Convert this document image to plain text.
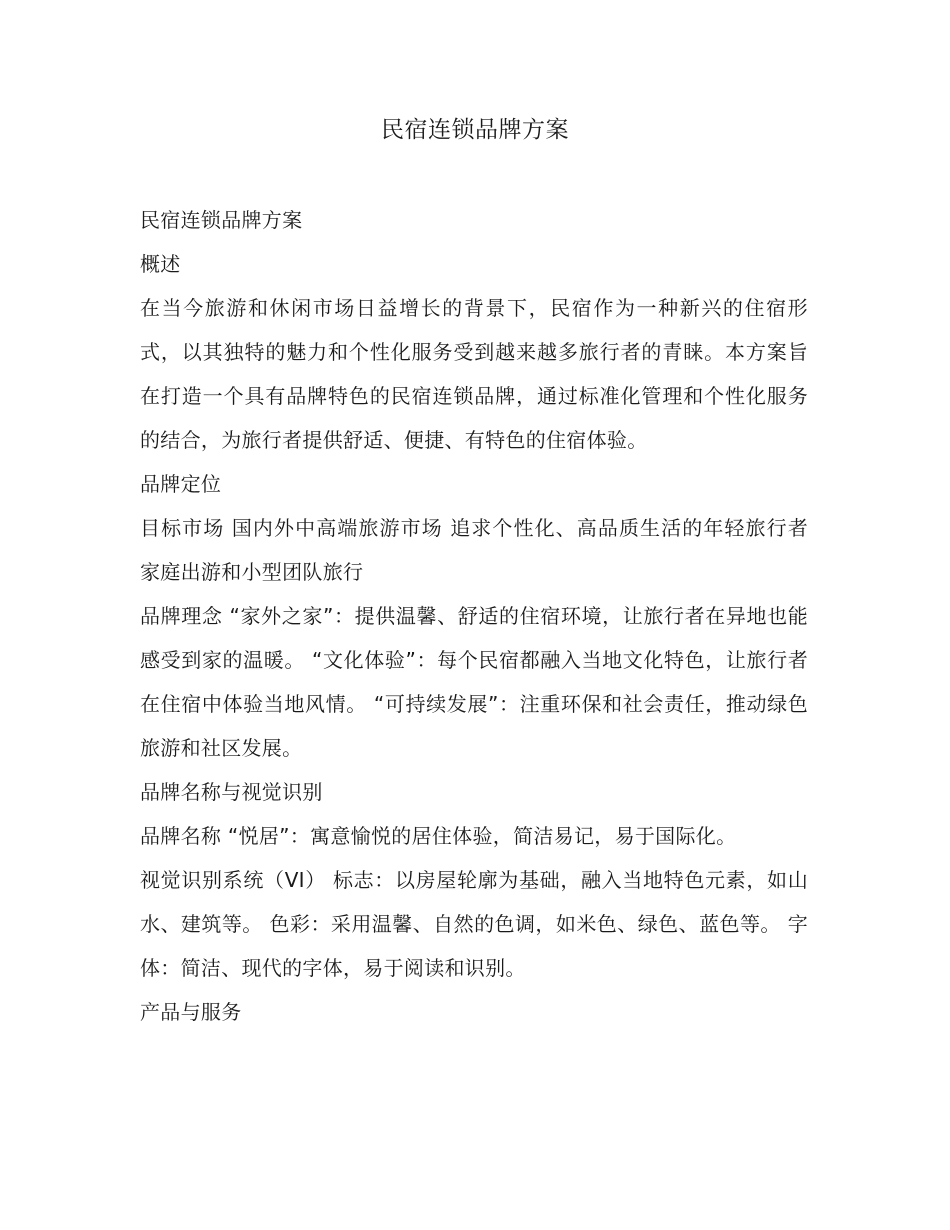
民宿连锁品牌方案

民宿连锁品牌方案

概述

在当今旅游和休闲市场日益增长的背景下，民宿作为一种新兴的住宿形式，以其独特的魅力和个性化服务受到越来越多旅行者的青睐。本方案旨在打造一个具有品牌特色的民宿连锁品牌，通过标准化管理和个性化服务的结合，为旅行者提供舒适、便捷、有特色的住宿体验。

品牌定位

目标市场 国内外中高端旅游市场 追求个性化、高品质生活的年轻旅行者 家庭出游和小型团队旅行

品牌理念 “家外之家”：提供温馨、舒适的住宿环境，让旅行者在异地也能感受到家的温暖。 “文化体验”：每个民宿都融入当地文化特色，让旅行者在住宿中体验当地风情。 “可持续发展”：注重环保和社会责任，推动绿色旅游和社区发展。

品牌名称与视觉识别

品牌名称 “悦居”：寓意愉悦的居住体验，简洁易记，易于国际化。

视觉识别系统（VI） 标志：以房屋轮廓为基础，融入当地特色元素，如山水、建筑等。 色彩：采用温馨、自然的色调，如米色、绿色、蓝色等。 字体：简洁、现代的字体，易于阅读和识别。

产品与服务
